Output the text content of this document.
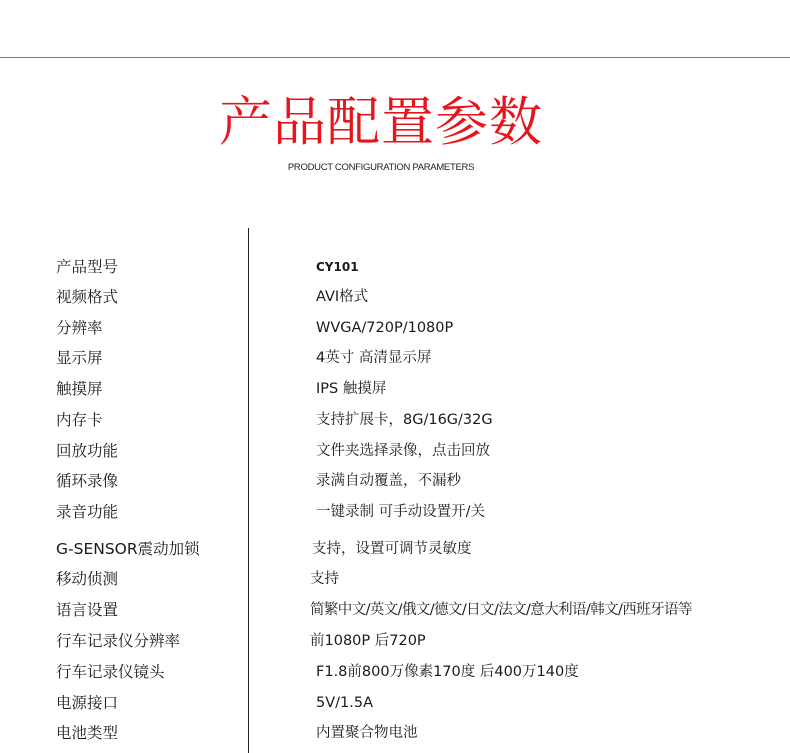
产品配置参数
PRODUCT CONFIGURATION PARAMETERS
产品型号	CY101
视频格式	AVI格式
分辨率	WVGA/720P/1080P
显示屏	4英寸 高清显示屏
触摸屏	IPS 触摸屏
内存卡	支持扩展卡，8G/16G/32G
回放功能	文件夹选择录像，点击回放
循环录像	录满自动覆盖，不漏秒
录音功能	一键录制 可手动设置开/关
G-SENSOR震动加锁	支持，设置可调节灵敏度
移动侦测	支持
语言设置	简繁中文/英文/俄文/德文/日文/法文/意大利语/韩文/西班牙语等
行车记录仪分辨率	前1080P 后720P
行车记录仪镜头	F1.8前800万像素170度 后400万140度
电源接口	5V/1.5A
电池类型	内置聚合物电池
